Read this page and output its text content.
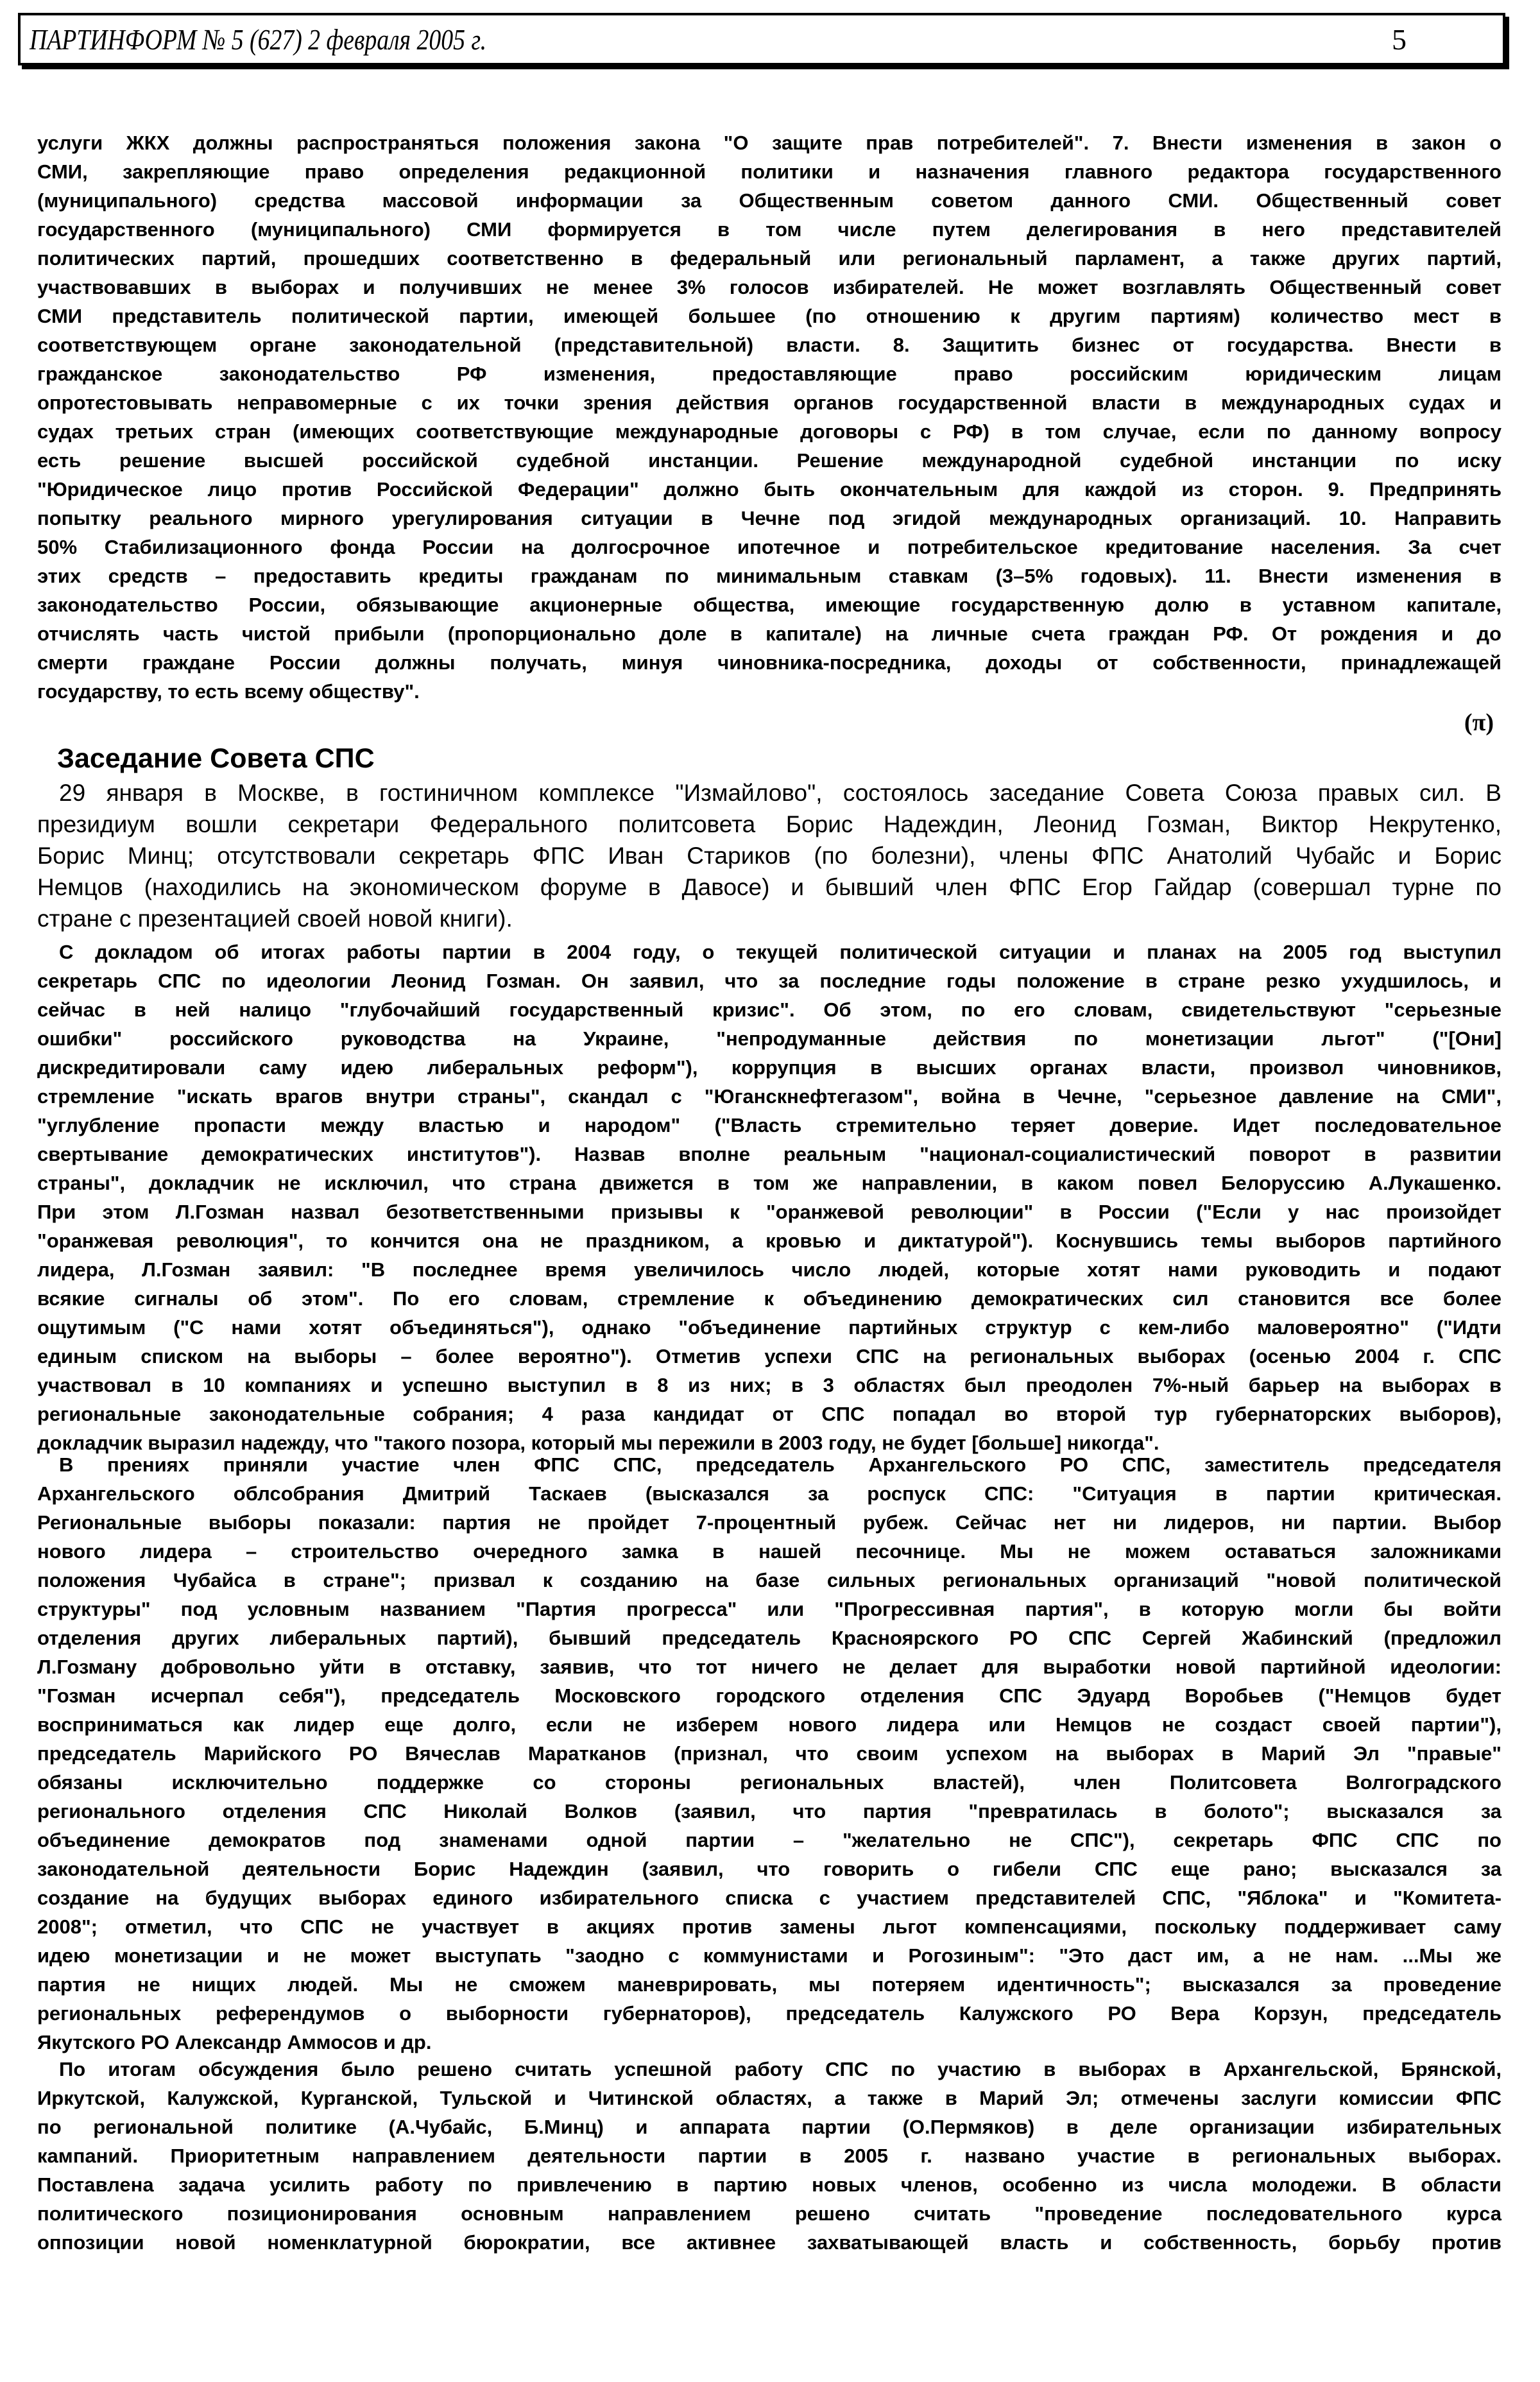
ПАРТИНФОРМ № 5 (627) 2 февраля 2005 г.	5
услуги ЖКХ должны распространяться положения закона "О защите прав потребителей". 7. Внести изменения в закон о
СМИ, закрепляющие право определения редакционной политики и назначения главного редактора государственного
(муниципального) средства массовой информации за Общественным советом данного СМИ. Общественный совет
государственного (муниципального) СМИ формируется в том числе путем делегирования в него представителей
политических партий, прошедших соответственно в федеральный или региональный парламент, а также других партий,
участвовавших в выборах и получивших не менее 3% голосов избирателей. Не может возглавлять Общественный совет
СМИ представитель политической партии, имеющей большее (по отношению к другим партиям) количество мест в
соответствующем органе законодательной (представительной) власти. 8. Защитить бизнес от государства. Внести в
гражданское законодательство РФ изменения, предоставляющие право российским юридическим лицам
опротестовывать неправомерные с их точки зрения действия органов государственной власти в международных судах и
судах третьих стран (имеющих соответствующие международные договоры с РФ) в том случае, если по данному вопросу
есть решение высшей российской судебной инстанции. Решение международной судебной инстанции по иску
"Юридическое лицо против Российской Федерации" должно быть окончательным для каждой из сторон. 9. Предпринять
попытку реального мирного урегулирования ситуации в Чечне под эгидой международных организаций. 10. Направить
50% Стабилизационного фонда России на долгосрочное ипотечное и потребительское кредитование населения. За счет
этих средств – предоставить кредиты гражданам по минимальным ставкам (3–5% годовых). 11. Внести изменения в
законодательство России, обязывающие акционерные общества, имеющие государственную долю в уставном капитале,
отчислять часть чистой прибыли (пропорционально доле в капитале) на личные счета граждан РФ. От рождения и до
смерти граждане России должны получать, минуя чиновника-посредника, доходы от собственности, принадлежащей
государству, то есть всему обществу".
(π)
Заседание Совета СПС
29 января в Москве, в гостиничном комплексе "Измайлово", состоялось заседание Совета Союза правых сил. В
президиум вошли секретари Федерального политсовета Борис Надеждин, Леонид Гозман, Виктор Некрутенко,
Борис Минц; отсутствовали секретарь ФПС Иван Стариков (по болезни), члены ФПС Анатолий Чубайс и Борис
Немцов (находились на экономическом форуме в Давосе) и бывший член ФПС Егор Гайдар (совершал турне по
стране с презентацией своей новой книги).
С докладом об итогах работы партии в 2004 году, о текущей политической ситуации и планах на 2005 год выступил
секретарь СПС по идеологии Леонид Гозман. Он заявил, что за последние годы положение в стране резко ухудшилось, и
сейчас в ней налицо "глубочайший государственный кризис". Об этом, по его словам, свидетельствуют "серьезные
ошибки" российского руководства на Украине, "непродуманные действия по монетизации льгот" ("[Они]
дискредитировали саму идею либеральных реформ"), коррупция в высших органах власти, произвол чиновников,
стремление "искать врагов внутри страны", скандал с "Юганскнефтегазом", война в Чечне, "серьезное давление на СМИ",
"углубление пропасти между властью и народом" ("Власть стремительно теряет доверие. Идет последовательное
свертывание демократических институтов"). Назвав вполне реальным "национал-социалистический поворот в развитии
страны", докладчик не исключил, что страна движется в том же направлении, в каком повел Белоруссию А.Лукашенко.
При этом Л.Гозман назвал безответственными призывы к "оранжевой революции" в России ("Если у нас произойдет
"оранжевая революция", то кончится она не праздником, а кровью и диктатурой"). Коснувшись темы выборов партийного
лидера, Л.Гозман заявил: "В последнее время увеличилось число людей, которые хотят нами руководить и подают
всякие сигналы об этом". По его словам, стремление к объединению демократических сил становится все более
ощутимым ("С нами хотят объединяться"), однако "объединение партийных структур с кем-либо маловероятно" ("Идти
единым списком на выборы – более вероятно"). Отметив успехи СПС на региональных выборах (осенью 2004 г. СПС
участвовал в 10 компаниях и успешно выступил в 8 из них; в 3 областях был преодолен 7%-ный барьер на выборах в
региональные законодательные собрания; 4 раза кандидат от СПС попадал во второй тур губернаторских выборов),
докладчик выразил надежду, что "такого позора, который мы пережили в 2003 году, не будет [больше] никогда".
В прениях приняли участие член ФПС СПС, председатель Архангельского РО СПС, заместитель председателя
Архангельского облсобрания Дмитрий Таскаев (высказался за роспуск СПС: "Ситуация в партии критическая.
Региональные выборы показали: партия не пройдет 7-процентный рубеж. Сейчас нет ни лидеров, ни партии. Выбор
нового лидера – строительство очередного замка в нашей песочнице. Мы не можем оставаться заложниками
положения Чубайса в стране"; призвал к созданию на базе сильных региональных организаций "новой политической
структуры" под условным названием "Партия прогресса" или "Прогрессивная партия", в которую могли бы войти
отделения других либеральных партий), бывший председатель Красноярского РО СПС Сергей Жабинский (предложил
Л.Гозману добровольно уйти в отставку, заявив, что тот ничего не делает для выработки новой партийной идеологии:
"Гозман исчерпал себя"), председатель Московского городского отделения СПС Эдуард Воробьев ("Немцов будет
восприниматься как лидер еще долго, если не изберем нового лидера или Немцов не создаст своей партии"),
председатель Марийского РО Вячеслав Маратканов (признал, что своим успехом на выборах в Марий Эл "правые"
обязаны исключительно поддержке со стороны региональных властей), член Политсовета Волгоградского
регионального отделения СПС Николай Волков (заявил, что партия "превратилась в болото"; высказался за
объединение демократов под знаменами одной партии – "желательно не СПС"), секретарь ФПС СПС по
законодательной деятельности Борис Надеждин (заявил, что говорить о гибели СПС еще рано; высказался за
создание на будущих выборах единого избирательного списка с участием представителей СПС, "Яблока" и "Комитета-
2008"; отметил, что СПС не участвует в акциях против замены льгот компенсациями, поскольку поддерживает саму
идею монетизации и не может выступать "заодно с коммунистами и Рогозиным": "Это даст им, а не нам. ...Мы же
партия не нищих людей. Мы не сможем маневрировать, мы потеряем идентичность"; высказался за проведение
региональных референдумов о выборности губернаторов), председатель Калужского РО Вера Корзун, председатель
Якутского РО Александр Аммосов и др.
По итогам обсуждения было решено считать успешной работу СПС по участию в выборах в Архангельской, Брянской,
Иркутской, Калужской, Курганской, Тульской и Читинской областях, а также в Марий Эл; отмечены заслуги комиссии ФПС
по региональной политике (А.Чубайс, Б.Минц) и аппарата партии (О.Пермяков) в деле организации избирательных
кампаний. Приоритетным направлением деятельности партии в 2005 г. названо участие в региональных выборах.
Поставлена задача усилить работу по привлечению в партию новых членов, особенно из числа молодежи. В области
политического позиционирования основным направлением решено считать "проведение последовательного курса
оппозиции новой номенклатурной бюрократии, все активнее захватывающей власть и собственность, борьбу против
